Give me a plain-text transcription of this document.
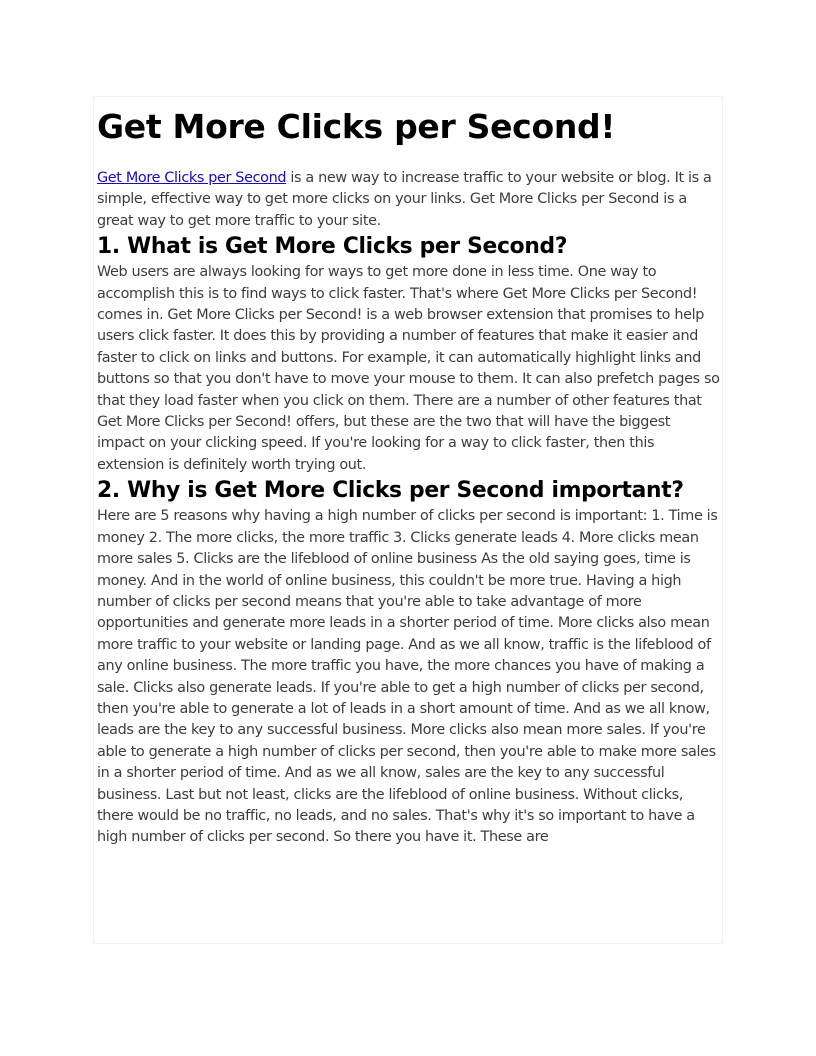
Get More Clicks per Second!

Get More Clicks per Second is a new way to increase traffic to your website or blog. It is a simple, effective way to get more clicks on your links. Get More Clicks per Second is a great way to get more traffic to your site.

1. What is Get More Clicks per Second?

Web users are always looking for ways to get more done in less time. One way to accomplish this is to find ways to click faster. That's where Get More Clicks per Second! comes in. Get More Clicks per Second! is a web browser extension that promises to help users click faster. It does this by providing a number of features that make it easier and faster to click on links and buttons. For example, it can automatically highlight links and buttons so that you don't have to move your mouse to them. It can also prefetch pages so that they load faster when you click on them. There are a number of other features that Get More Clicks per Second! offers, but these are the two that will have the biggest impact on your clicking speed. If you're looking for a way to click faster, then this extension is definitely worth trying out.

2. Why is Get More Clicks per Second important?

Here are 5 reasons why having a high number of clicks per second is important: 1. Time is money 2. The more clicks, the more traffic 3. Clicks generate leads 4. More clicks mean more sales 5. Clicks are the lifeblood of online business As the old saying goes, time is money. And in the world of online business, this couldn't be more true. Having a high number of clicks per second means that you're able to take advantage of more opportunities and generate more leads in a shorter period of time. More clicks also mean more traffic to your website or landing page. And as we all know, traffic is the lifeblood of any online business. The more traffic you have, the more chances you have of making a sale. Clicks also generate leads. If you're able to get a high number of clicks per second, then you're able to generate a lot of leads in a short amount of time. And as we all know, leads are the key to any successful business. More clicks also mean more sales. If you're able to generate a high number of clicks per second, then you're able to make more sales in a shorter period of time. And as we all know, sales are the key to any successful business. Last but not least, clicks are the lifeblood of online business. Without clicks, there would be no traffic, no leads, and no sales. That's why it's so important to have a high number of clicks per second. So there you have it. These are
